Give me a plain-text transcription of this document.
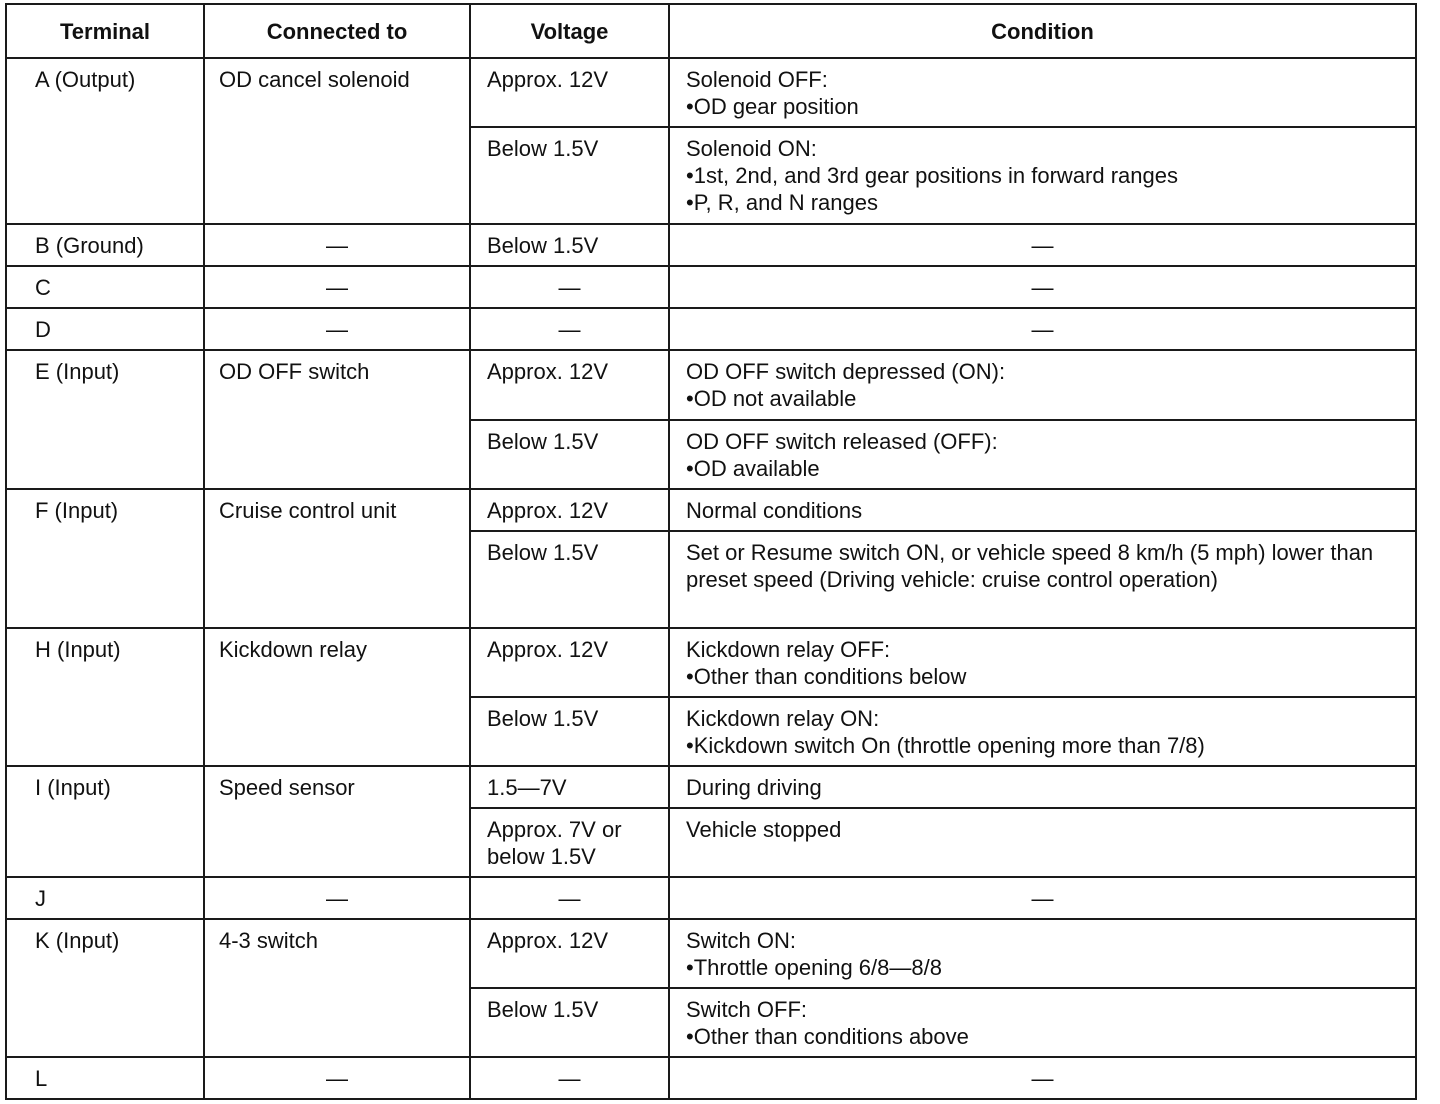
Terminal	Connected to	Voltage	Condition
A (Output)	OD cancel solenoid	Approx. 12V	Solenoid OFF:
•OD gear position

		Below 1.5V	Solenoid ON:
•1st, 2nd, and 3rd gear positions in forward ranges
•P, R, and N ranges

B (Ground)	—	Below 1.5V	—
C	—	—	—
D	—	—	—
E (Input)	OD OFF switch	Approx. 12V	OD OFF switch depressed (ON):
•OD not available

		Below 1.5V	OD OFF switch released (OFF):
•OD available

F (Input)	Cruise control unit	Approx. 12V	Normal conditions
		Below 1.5V	Set or Resume switch ON, or vehicle speed 8 km/h (5 mph) lower than preset speed (Driving vehicle: cruise control operation)
H (Input)	Kickdown relay	Approx. 12V	Kickdown relay OFF:
•Other than conditions below

		Below 1.5V	Kickdown relay ON:
•Kickdown switch On (throttle opening more than 7/8)

I (Input)	Speed sensor	1.5—7V	During driving
		Approx. 7V or below 1.5V	Vehicle stopped
J	—	—	—
K (Input)	4-3 switch	Approx. 12V	Switch ON:
•Throttle opening 6/8—8/8

		Below 1.5V	Switch OFF:
•Other than conditions above

L	—	—	—
